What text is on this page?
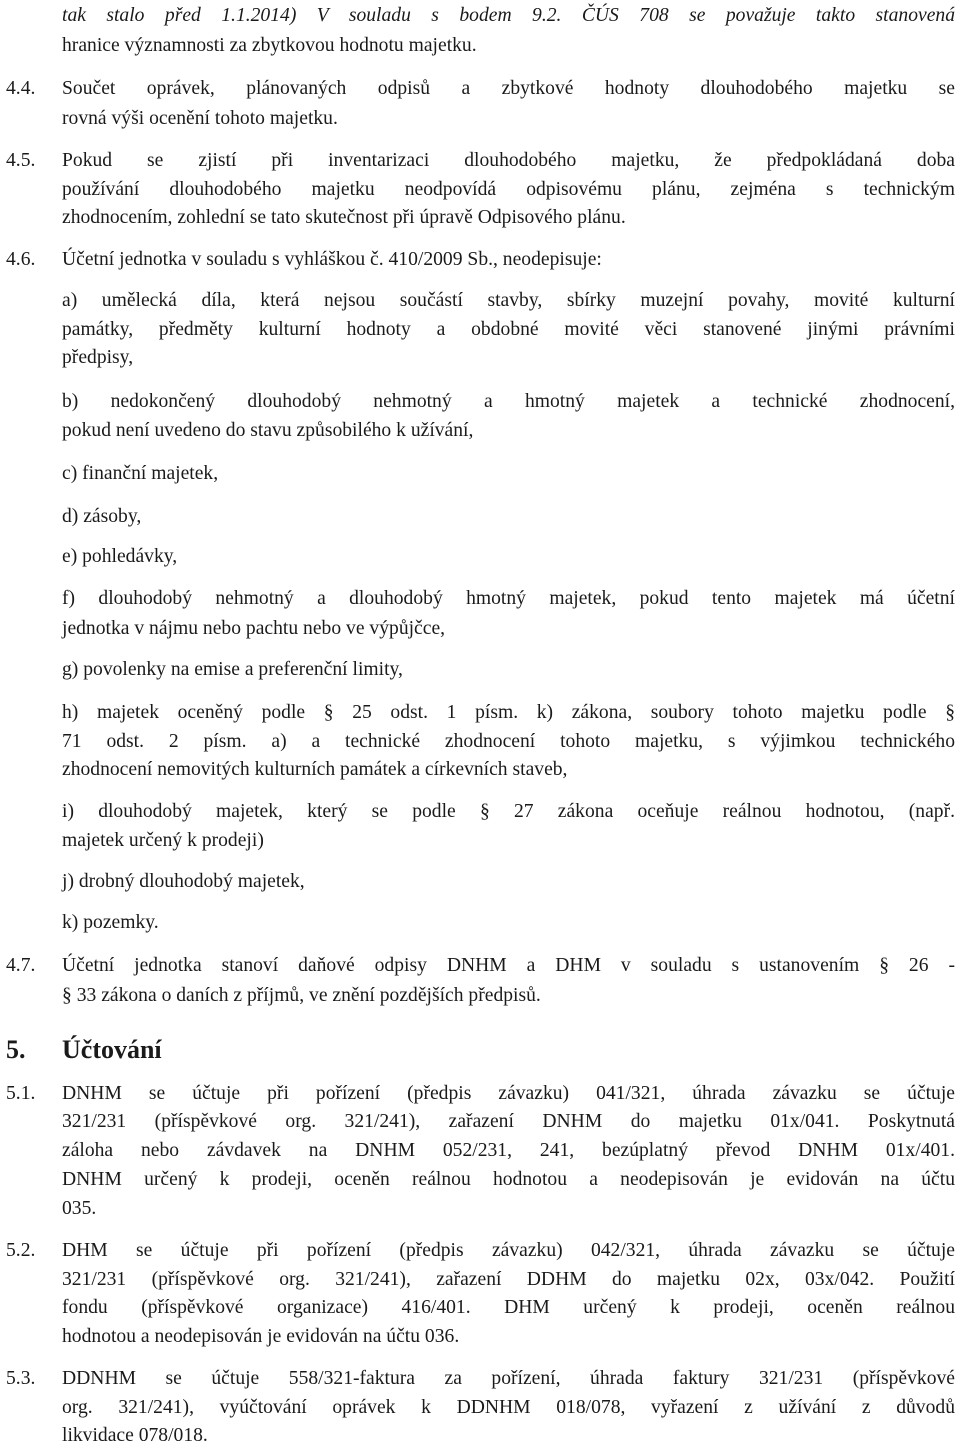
tak stalo před 1.1.2014) V souladu s bodem 9.2. ČÚS 708 se považuje takto stanovená
hranice významnosti za zbytkovou hodnotu majetku.
4.4. Součet oprávek, plánovaných odpisů a zbytkové hodnoty dlouhodobého majetku se
rovná výši ocenění tohoto majetku.
4.5. Pokud se zjistí při inventarizaci dlouhodobého majetku, že předpokládaná doba
používání dlouhodobého majetku neodpovídá odpisovému plánu, zejména s technickým
zhodnocením, zohlední se tato skutečnost při úpravě Odpisového plánu.
4.6. Účetní jednotka v souladu s vyhláškou č. 410/2009 Sb., neodepisuje:
a) umělecká díla, která nejsou součástí stavby, sbírky muzejní povahy, movité kulturní
památky, předměty kulturní hodnoty a obdobné movité věci stanovené jinými právními
předpisy,
b) nedokončený dlouhodobý nehmotný a hmotný majetek a technické zhodnocení,
pokud není uvedeno do stavu způsobilého k užívání,
c) finanční majetek,
d) zásoby,
e) pohledávky,
f) dlouhodobý nehmotný a dlouhodobý hmotný majetek, pokud tento majetek má účetní
jednotka v nájmu nebo pachtu nebo ve výpůjčce,
g) povolenky na emise a preferenční limity,
h) majetek oceněný podle § 25 odst. 1 písm. k) zákona, soubory tohoto majetku podle §
71 odst. 2 písm. a) a technické zhodnocení tohoto majetku, s výjimkou technického
zhodnocení nemovitých kulturních památek a církevních staveb,
i) dlouhodobý majetek, který se podle § 27 zákona oceňuje reálnou hodnotou, (např.
majetek určený k prodeji)
j) drobný dlouhodobý majetek,
k) pozemky.
4.7. Účetní jednotka stanoví daňové odpisy DNHM a DHM v souladu s ustanovením § 26 -
§ 33 zákona o daních z příjmů, ve znění pozdějších předpisů.
5. Účtování
5.1. DNHM se účtuje při pořízení (předpis závazku) 041/321, úhrada závazku se účtuje
321/231 (příspěvkové org. 321/241), zařazení DNHM do majetku 01x/041. Poskytnutá
záloha nebo závdavek na DNHM 052/231, 241, bezúplatný převod DNHM 01x/401.
DNHM určený k prodeji, oceněn reálnou hodnotou a neodepisován je evidován na účtu
035.
5.2. DHM se účtuje při pořízení (předpis závazku) 042/321, úhrada závazku se účtuje
321/231 (příspěvkové org. 321/241), zařazení DDHM do majetku 02x, 03x/042. Použití
fondu (příspěvkové organizace) 416/401. DHM určený k prodeji, oceněn reálnou
hodnotou a neodepisován je evidován na účtu 036.
5.3. DDNHM se účtuje 558/321-faktura za pořízení, úhrada faktury 321/231 (příspěvkové
org. 321/241), vyúčtování oprávek k DDNHM 018/078, vyřazení z užívání z důvodů
likvidace 078/018.
